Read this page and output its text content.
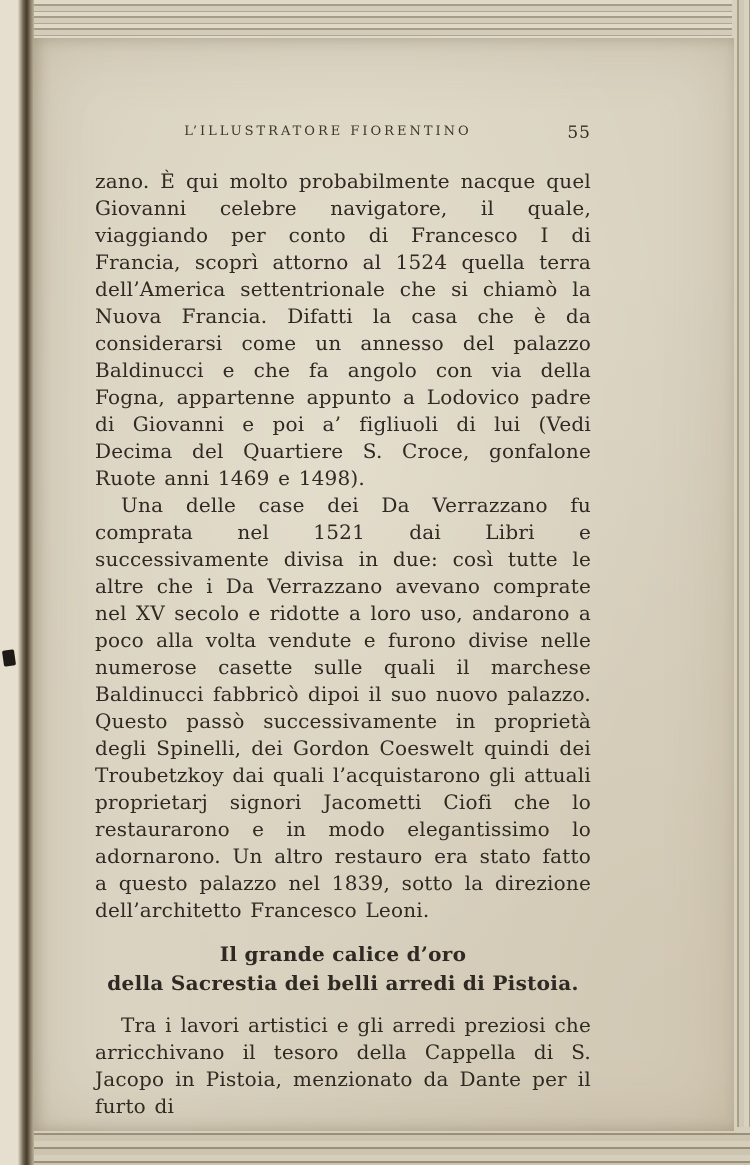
L’ILLUSTRATORE FIORENTINO	55

zano. È qui molto probabilmente nacque quel Giovanni celebre navigatore, il quale, viaggiando per conto di Francesco I di Francia, scoprì attorno al 1524 quella terra dell’America settentrionale che si chiamò la Nuova Francia. Difatti la casa che è da considerarsi come un annesso del palazzo Baldinucci e che fa angolo con via della Fogna, appartenne appunto a Lodovico padre di Giovanni e poi a’ figliuoli di lui (Vedi Decima del Quartiere S. Croce, gonfalone Ruote anni 1469 e 1498).

Una delle case dei Da Verrazzano fu comprata nel 1521 dai Libri e successivamente divisa in due: così tutte le altre che i Da Verrazzano avevano comprate nel XV secolo e ridotte a loro uso, andarono a poco alla volta vendute e furono divise nelle numerose casette sulle quali il marchese Baldinucci fabbricò dipoi il suo nuovo palazzo. Questo passò successivamente in proprietà degli Spinelli, dei Gordon Coeswelt quindi dei Troubetzkoy dai quali l’acquistarono gli attuali proprietarj signori Jacometti Ciofi che lo restaurarono e in modo elegantissimo lo adornarono. Un altro restauro era stato fatto a questo palazzo nel 1839, sotto la direzione dell’architetto Francesco Leoni.

Il grande calice d’oro
della Sacrestia dei belli arredi di Pistoia.

Tra i lavori artistici e gli arredi preziosi che arricchivano il tesoro della Cappella di S. Jacopo in Pistoia, menzionato da Dante per il furto di
